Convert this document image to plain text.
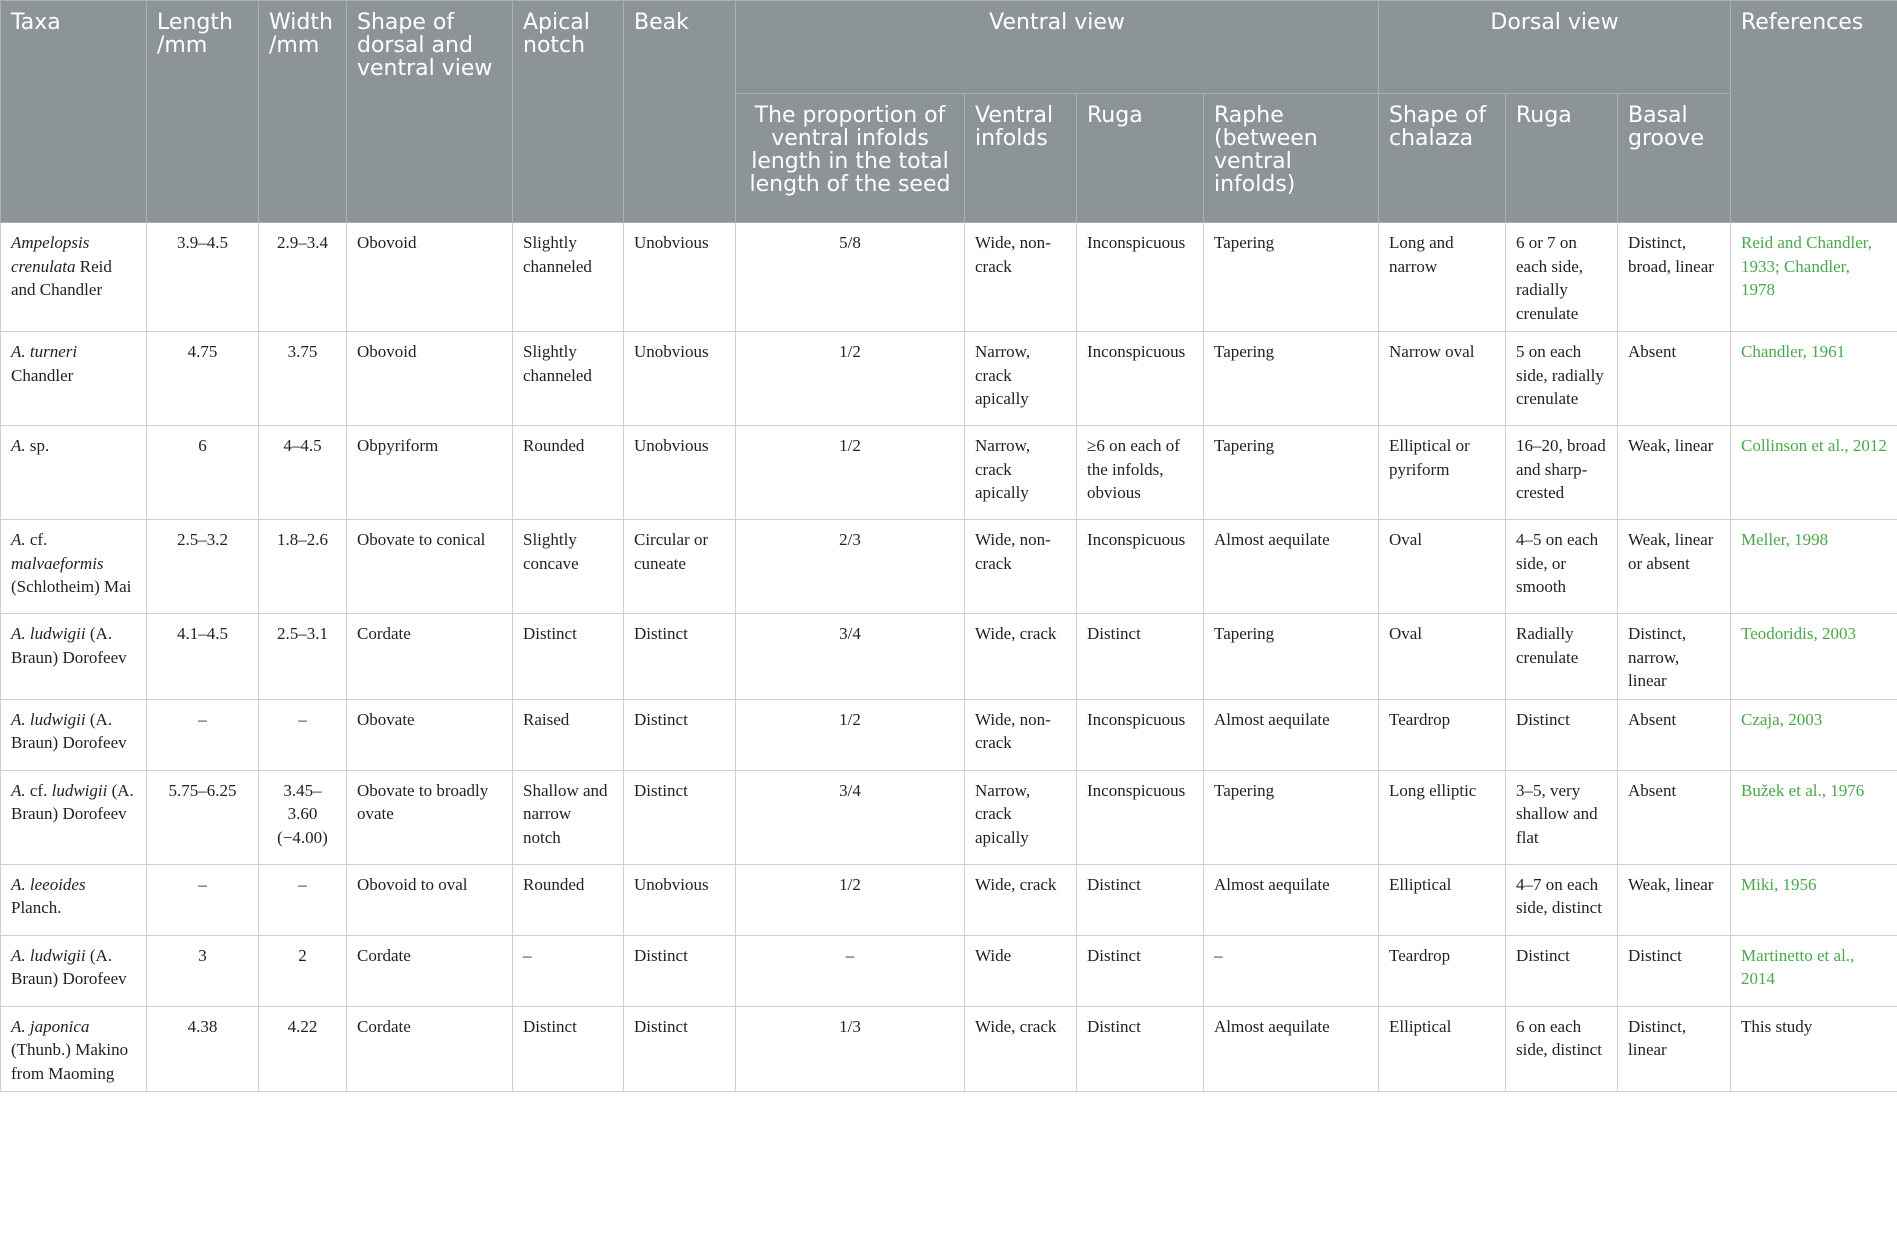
Taxa	Length /mm	Width /mm	Shape of dorsal and ventral view	Apical notch	Beak	Ventral view				Dorsal view			References
						The proportion of ventral infolds length in the total length of the seed	Ventral infolds	Ruga	Raphe (between ventral infolds)	Shape of chalaza	Ruga	Basal groove	
Ampelopsis crenulata Reid and Chandler	3.9–4.5	2.9–3.4	Obovoid	Slightly channeled	Unobvious	5/8	Wide, non-crack	Inconspicuous	Tapering	Long and narrow	6 or 7 on each side, radially crenulate	Distinct, broad, linear	Reid and Chandler, 1933; Chandler, 1978
A. turneri Chandler	4.75	3.75	Obovoid	Slightly channeled	Unobvious	1/2	Narrow, crack apically	Inconspicuous	Tapering	Narrow oval	5 on each side, radially crenulate	Absent	Chandler, 1961
A. sp.	6	4–4.5	Obpyriform	Rounded	Unobvious	1/2	Narrow, crack apically	≥6 on each of the infolds, obvious	Tapering	Elliptical or pyriform	16–20, broad and sharp-crested	Weak, linear	Collinson et al., 2012
A. cf. malvaeformis (Schlotheim) Mai	2.5–3.2	1.8–2.6	Obovate to conical	Slightly concave	Circular or cuneate	2/3	Wide, non-crack	Inconspicuous	Almost aequilate	Oval	4–5 on each side, or smooth	Weak, linear or absent	Meller, 1998
A. ludwigii (A. Braun) Dorofeev	4.1–4.5	2.5–3.1	Cordate	Distinct	Distinct	3/4	Wide, crack	Distinct	Tapering	Oval	Radially crenulate	Distinct, narrow, linear	Teodoridis, 2003
A. ludwigii (A. Braun) Dorofeev	–	–	Obovate	Raised	Distinct	1/2	Wide, non-crack	Inconspicuous	Almost aequilate	Teardrop	Distinct	Absent	Czaja, 2003
A. cf. ludwigii (A. Braun) Dorofeev	5.75–6.25	3.45–3.60 (−4.00)	Obovate to broadly ovate	Shallow and narrow notch	Distinct	3/4	Narrow, crack apically	Inconspicuous	Tapering	Long elliptic	3–5, very shallow and flat	Absent	Bužek et al., 1976
A. leeoides Planch.	–	–	Obovoid to oval	Rounded	Unobvious	1/2	Wide, crack	Distinct	Almost aequilate	Elliptical	4–7 on each side, distinct	Weak, linear	Miki, 1956
A. ludwigii (A. Braun) Dorofeev	3	2	Cordate	–	Distinct	–	Wide	Distinct	–	Teardrop	Distinct	Distinct	Martinetto et al., 2014
A. japonica (Thunb.) Makino from Maoming	4.38	4.22	Cordate	Distinct	Distinct	1/3	Wide, crack	Distinct	Almost aequilate	Elliptical	6 on each side, distinct	Distinct, linear	This study
